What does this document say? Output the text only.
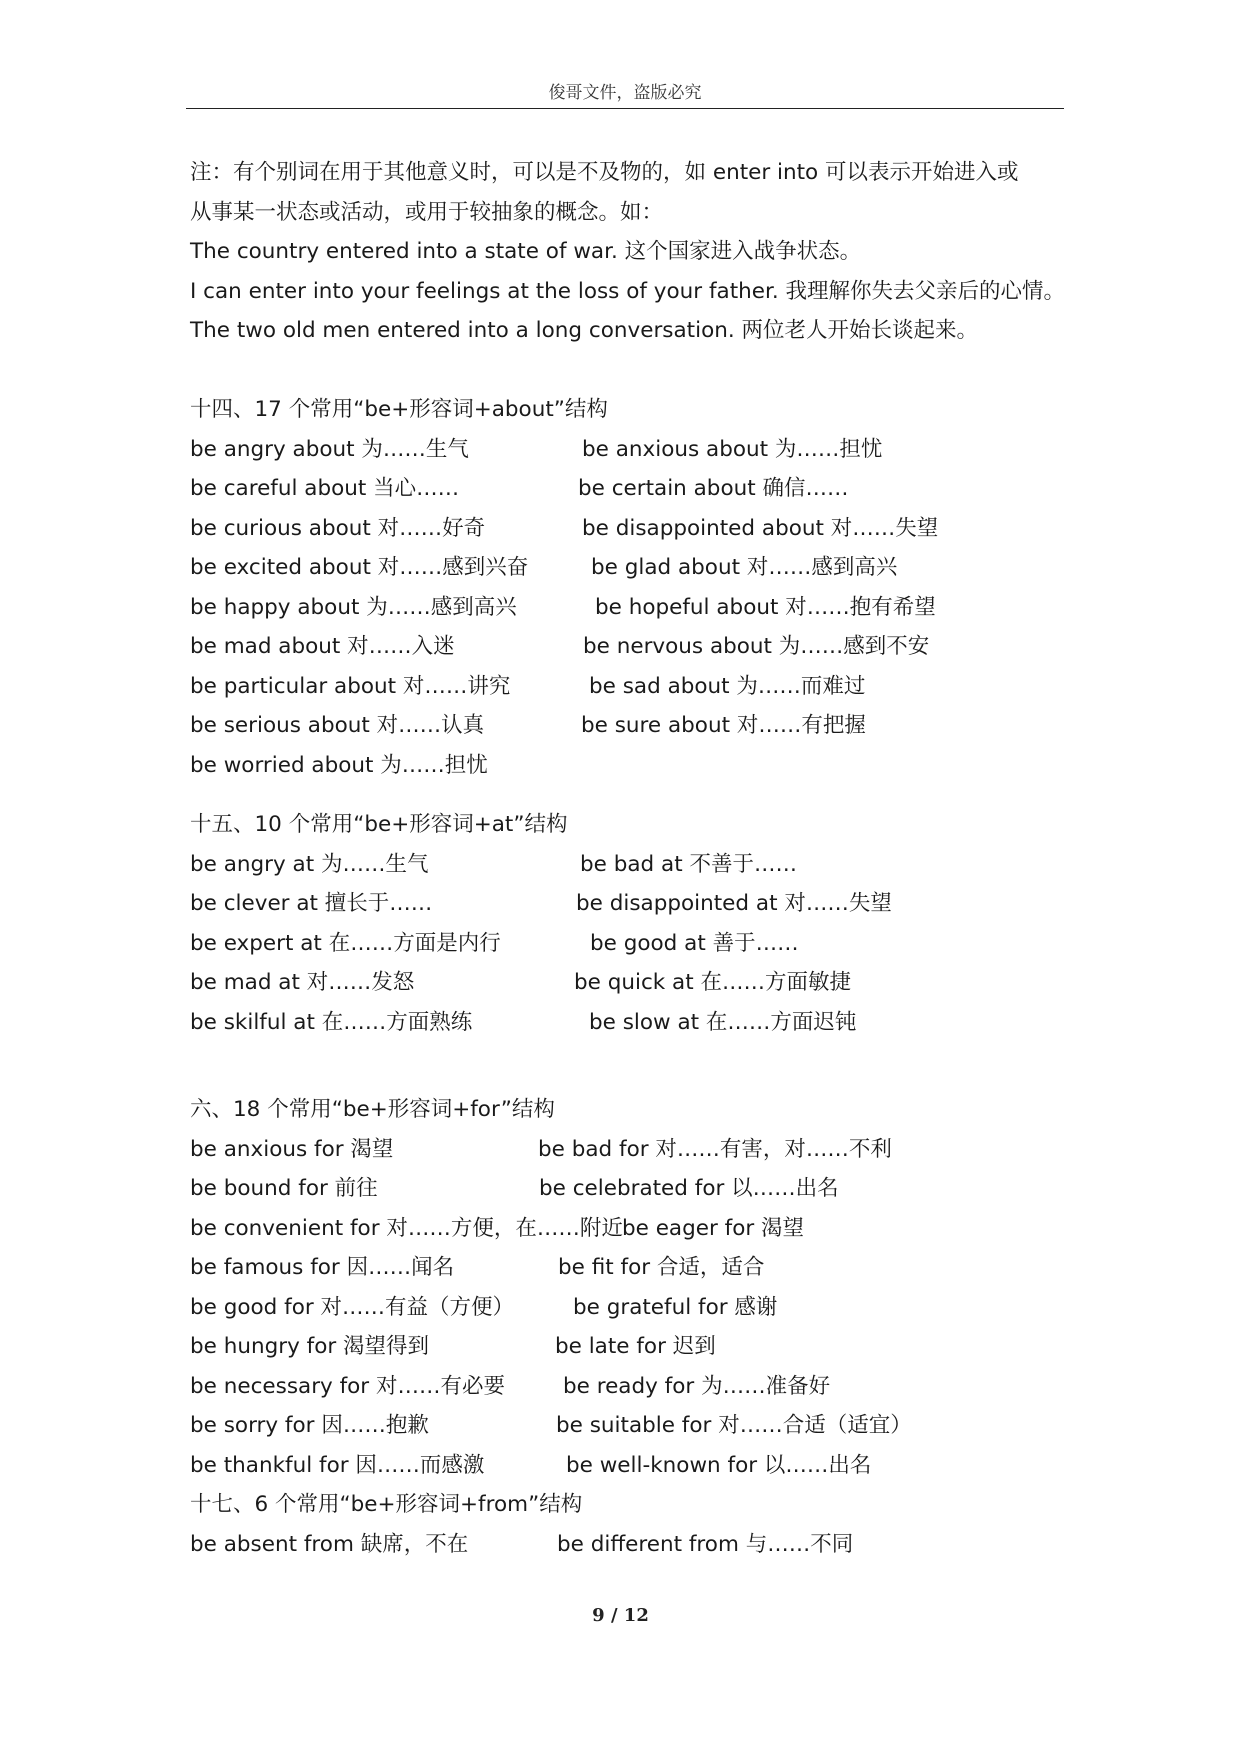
俊哥文件，盗版必究
注：有个别词在用于其他意义时，可以是不及物的，如 enter into 可以表示开始进入或
从事某一状态或活动，或用于较抽象的概念。如：
The country entered into a state of war. 这个国家进入战争状态。
I can enter into your feelings at the loss of your father. 我理解你失去父亲后的心情。
The two old men entered into a long conversation. 两位老人开始长谈起来。
十四、17 个常用“be+形容词+about”结构
be angry about 为……生气	be anxious about 为……担忧
be careful about 当心……	be certain about 确信……
be curious about 对……好奇	be disappointed about 对……失望
be excited about 对……感到兴奋	be glad about 对……感到高兴
be happy about 为……感到高兴	be hopeful about 对……抱有希望
be mad about 对……入迷	be nervous about 为……感到不安
be particular about 对……讲究	be sad about 为……而难过
be serious about 对……认真	be sure about 对……有把握
be worried about 为……担忧
十五、10 个常用“be+形容词+at”结构
be angry at 为……生气	be bad at 不善于……
be clever at 擅长于……	be disappointed at 对……失望
be expert at 在……方面是内行	be good at 善于……
be mad at 对……发怒	be quick at 在……方面敏捷
be skilful at 在……方面熟练	be slow at 在……方面迟钝
六、18 个常用“be+形容词+for”结构
be anxious for 渴望	be bad for 对……有害，对……不利
be bound for 前往	be celebrated for 以……出名
be convenient for 对……方便，在……附近 be eager for 渴望
be famous for 因……闻名	be fit for 合适，适合
be good for 对……有益（方便）	be grateful for 感谢
be hungry for 渴望得到	be late for 迟到
be necessary for 对……有必要	be ready for 为……准备好
be sorry for 因……抱歉	be suitable for 对……合适（适宜）
be thankful for 因……而感激	be well-known for 以……出名
十七、6 个常用“be+形容词+from”结构
be absent from 缺席，不在	be different from 与……不同
9 / 12
